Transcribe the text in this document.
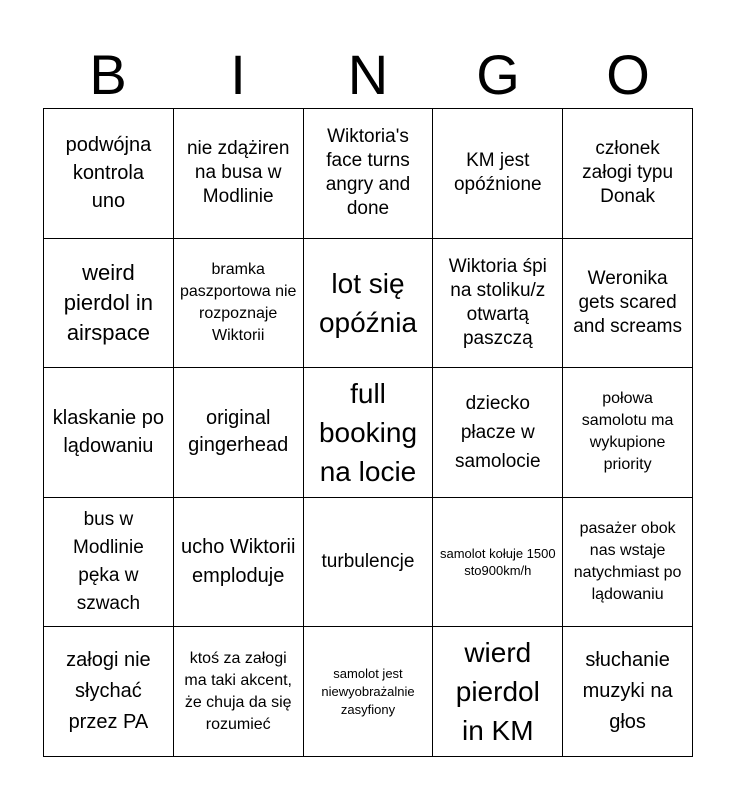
B	I	N	G	O
podwójna kontrola uno
nie zdążiren na busa w Modlinie
Wiktoria's face turns angry and done
KM jest opóźnione
członek załogi typu Donak
weird pierdol in airspace
bramka paszportowa nie rozpoznaje Wiktorii
lot się opóźnia
Wiktoria śpi na stoliku/z otwartą paszczą
Weronika gets scared and screams
klaskanie po lądowaniu
original gingerhead
full booking na locie
dziecko płacze w samolocie
połowa samolotu ma wykupione priority
bus w Modlinie pęka w szwach
ucho Wiktorii emploduje
turbulencje samolot kołuje 1500sto900km/h
pasażer obok nas wstaje natychmiast po lądowaniu
załogi nie słychać przez PA
ktoś za załogi ma taki akcent, że chuja da się rozumieć
samolot jest niewyobrażalnie zasyfiony
wierd pierdol in KM
słuchanie muzyki na głos
